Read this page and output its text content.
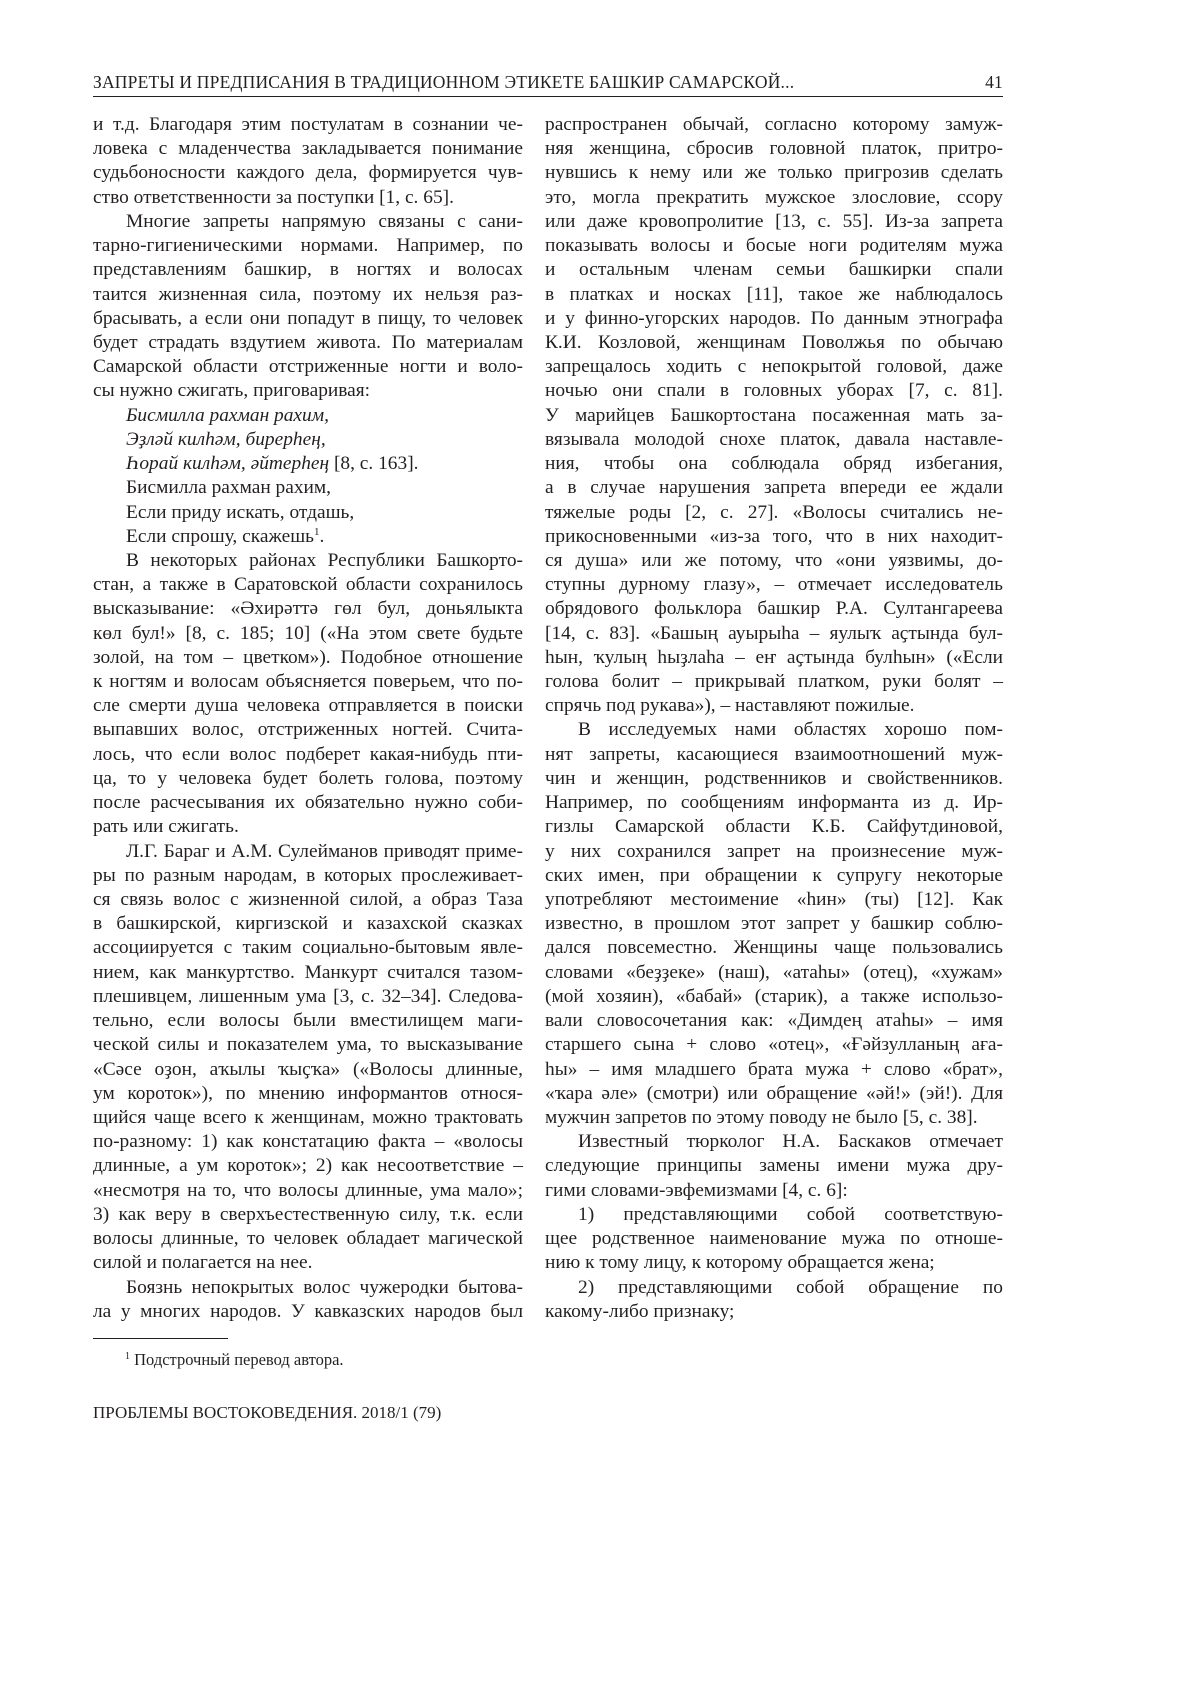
ЗАПРЕТЫ И ПРЕДПИСАНИЯ В ТРАДИЦИОННОМ ЭТИКЕТЕ БАШКИР САМАРСКОЙ...	41
и т.д. Благодаря этим постулатам в сознании че-
ловека с младенчества закладывается понимание
судьбоносности каждого дела, формируется чув-
ство ответственности за поступки [1, с. 65].
Многие запреты напрямую связаны с сани-
тарно-гигиеническими нормами. Например, по
представлениям башкир, в ногтях и волосах
таится жизненная сила, поэтому их нельзя раз-
брасывать, а если они попадут в пищу, то человек
будет страдать вздутием живота. По материалам
Самарской области отстриженные ногти и воло-
сы нужно сжигать, приговаривая:
Бисмилла рахман рахим,
Эҙләй килһәм, бирерһең,
Һорай килһәм, әйтерһең [8, с. 163].
Бисмилла рахман рахим,
Если приду искать, отдашь,
Если спрошу, скажешь$^1$.
В некоторых районах Республики Башкорто-
стан, а также в Саратовской области сохранилось
высказывание: «Әхирәттә гөл бул, доньялыкта
көл бул!» [8, с. 185; 10] («На этом свете будьте
золой, на том – цветком»). Подобное отношение
к ногтям и волосам объясняется поверьем, что по-
сле смерти душа человека отправляется в поиски
выпавших волос, отстриженных ногтей. Счита-
лось, что если волос подберет какая-нибудь пти-
ца, то у человека будет болеть голова, поэтому
после расчесывания их обязательно нужно соби-
рать или сжигать.
Л.Г. Бараг и А.М. Сулейманов приводят приме-
ры по разным народам, в которых прослеживает-
ся связь волос с жизненной силой, а образ Таза
в башкирской, киргизской и казахской сказках
ассоциируется с таким социально-бытовым явле-
нием, как манкуртство. Манкурт считался тазом-
плешивцем, лишенным ума [3, с. 32–34]. Следова-
тельно, если волосы были вместилищем маги-
ческой силы и показателем ума, то высказывание
«Сәсе оҙон, аҡылы ҡыҫҡа» («Волосы длинные,
ум короток»), по мнению информантов относя-
щийся чаще всего к женщинам, можно трактовать
по-разному: 1) как констатацию факта – «волосы
длинные, а ум короток»; 2) как несоответствие –
«несмотря на то, что волосы длинные, ума мало»;
3) как веру в сверхъестественную силу, т.к. если
волосы длинные, то человек обладает магической
силой и полагается на нее.
Боязнь непокрытых волос чужеродки бытова-
ла у многих народов. У кавказских народов был
распространен обычай, согласно которому замуж-
няя женщина, сбросив головной платок, притро-
нувшись к нему или же только пригрозив сделать
это, могла прекратить мужское злословие, ссору
или даже кровопролитие [13, с. 55]. Из-за запрета
показывать волосы и босые ноги родителям мужа
и остальным членам семьи башкирки спали
в платках и носках [11], такое же наблюдалось
и у финно-угорских народов. По данным этнографа
К.И. Козловой, женщинам Поволжья по обычаю
запрещалось ходить с непокрытой головой, даже
ночью они спали в головных уборах [7, с. 81].
У марийцев Башкортостана посаженная мать за-
вязывала молодой снохе платок, давала наставле-
ния, чтобы она соблюдала обряд избегания,
а в случае нарушения запрета впереди ее ждали
тяжелые роды [2, с. 27]. «Волосы считались не-
прикосновенными «из-за того, что в них находит-
ся душа» или же потому, что «они уязвимы, до-
ступны дурному глазу», – отмечает исследователь
обрядового фольклора башкир Р.А. Султангареева
[14, с. 83]. «Башың ауырыһа – яулыҡ аҫтында бул-
һын, ҡулың һыҙлаһа – еҥ аҫтында булһын» («Если
голова болит – прикрывай платком, руки болят –
спрячь под рукава»), – наставляют пожилые.
В исследуемых нами областях хорошо пом-
нят запреты, касающиеся взаимоотношений муж-
чин и женщин, родственников и свойственников.
Например, по сообщениям информанта из д. Ир-
гизлы Самарской области К.Б. Сайфутдиновой,
у них сохранился запрет на произнесение муж-
ских имен, при обращении к супругу некоторые
употребляют местоимение «һин» (ты) [12]. Как
известно, в прошлом этот запрет у башкир соблю-
дался повсеместно. Женщины чаще пользовались
словами «беҙҙеке» (наш), «атаһы» (отец), «хужам»
(мой хозяин), «бабай» (старик), а также использо-
вали словосочетания как: «Димдең атаһы» – имя
старшего сына + слово «отец», «Ғәйзулланың аға-
һы» – имя младшего брата мужа + слово «брат»,
«ҡара әле» (смотри) или обращение «әй!» (эй!). Для
мужчин запретов по этому поводу не было [5, с. 38].
Известный тюрколог Н.А. Баскаков отмечает
следующие принципы замены имени мужа дру-
гими словами-эвфемизмами [4, с. 6]:
1) представляющими собой соответствую-
щее родственное наименование мужа по отноше-
нию к тому лицу, к которому обращается жена;
2) представляющими собой обращение по
какому-либо признаку;
$^1$ Подстрочный перевод автора.
ПРОБЛЕМЫ ВОСТОКОВЕДЕНИЯ. 2018/1 (79)
